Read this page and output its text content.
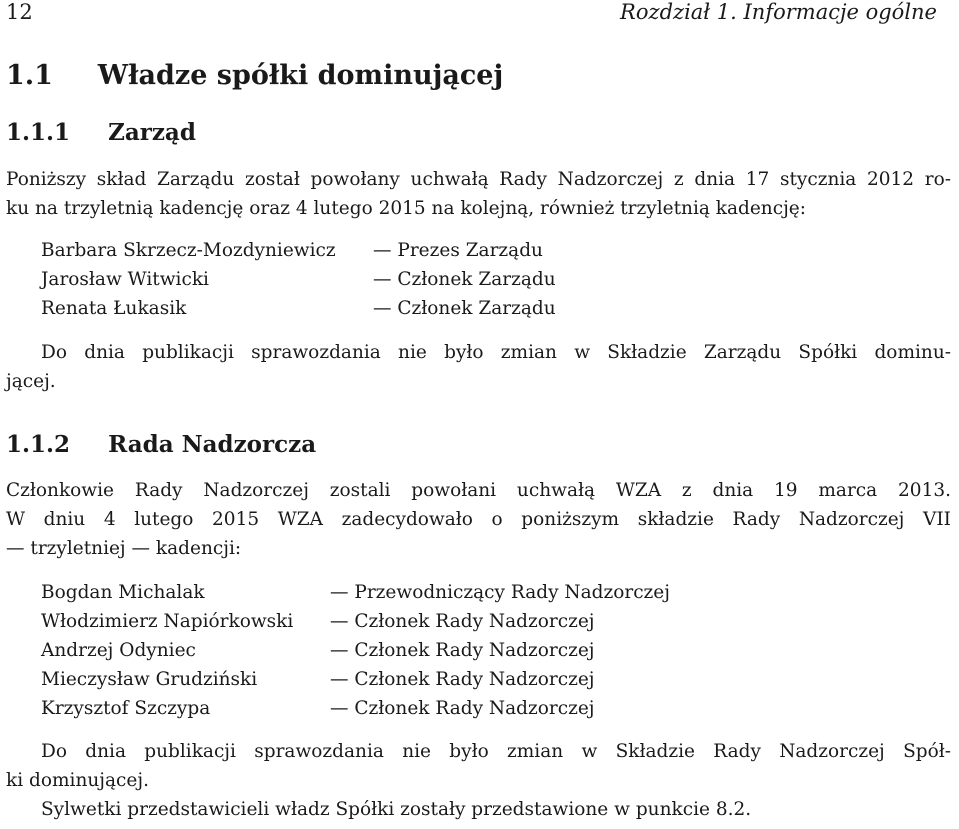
12	Rozdział 1. Informacje ogólne
1.1 Władze spółki dominującej
1.1.1 Zarząd
Poniższy skład Zarządu został powołany uchwałą Rady Nadzorczej z dnia 17 stycznia 2012 ro-
ku na trzyletnią kadencję oraz 4 lutego 2015 na kolejną, również trzyletnią kadencję:
Barbara Skrzecz-Mozdyniewicz — Prezes Zarządu
Jarosław Witwicki	— Członek Zarządu
Renata Łukasik	— Członek Zarządu
Do dnia publikacji sprawozdania nie było zmian w Składzie Zarządu Spółki dominu-
jącej.
1.1.2 Rada Nadzorcza
Członkowie Rady Nadzorczej zostali powołani uchwałą WZA z dnia 19 marca 2013.
W dniu 4 lutego 2015 WZA zadecydowało o poniższym składzie Rady Nadzorczej VII
— trzyletniej — kadencji:
Bogdan Michalak	— Przewodniczący Rady Nadzorczej
Włodzimierz Napiórkowski — Członek Rady Nadzorczej
Andrzej Odyniec	— Członek Rady Nadzorczej
Mieczysław Grudziński	— Członek Rady Nadzorczej
Krzysztof Szczypa	— Członek Rady Nadzorczej
Do dnia publikacji sprawozdania nie było zmian w Składzie Rady Nadzorczej Spół-
ki dominującej.
Sylwetki przedstawicieli władz Spółki zostały przedstawione w punkcie 8.2.
